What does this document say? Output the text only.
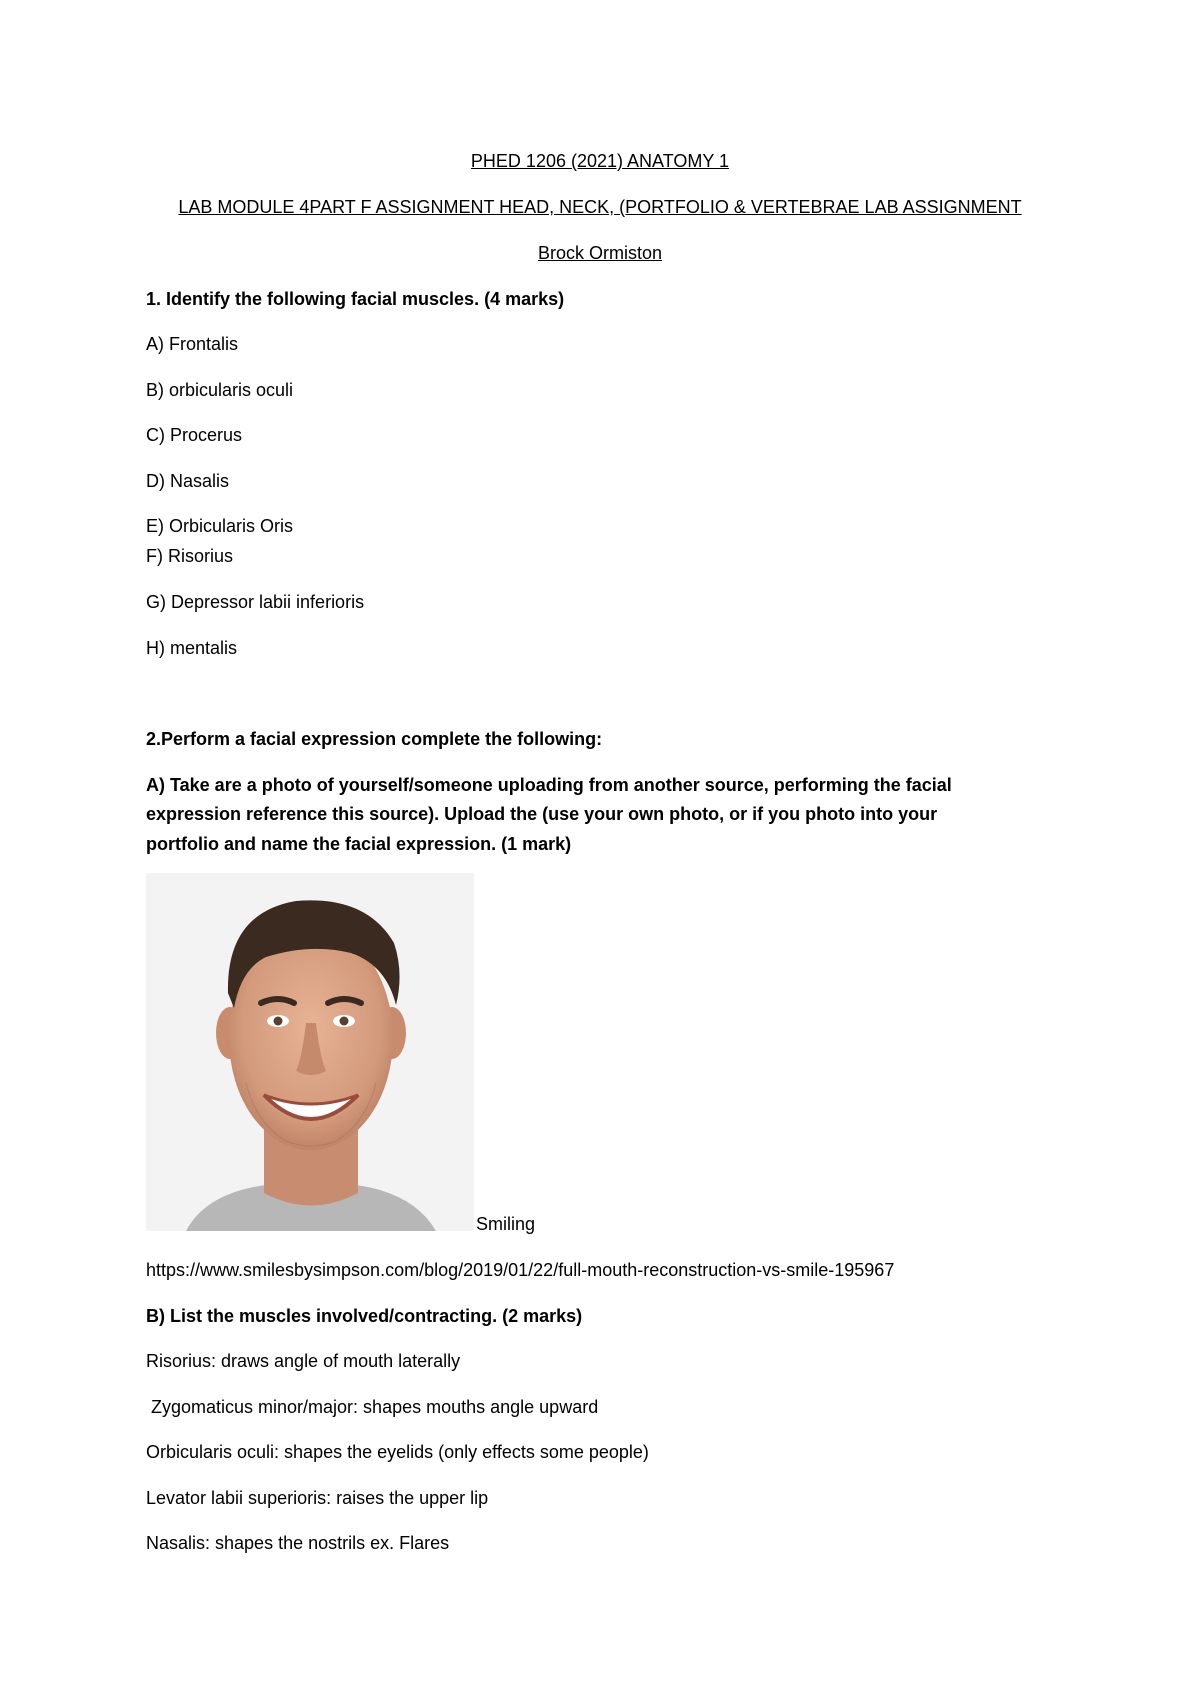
PHED 1206 (2021) ANATOMY 1
LAB MODULE 4PART F ASSIGNMENT HEAD, NECK, (PORTFOLIO & VERTEBRAE LAB ASSIGNMENT
Brock Ormiston
1. Identify the following facial muscles. (4 marks)
A) Frontalis
B) orbicularis oculi
C) Procerus
D) Nasalis
E) Orbicularis Oris
F) Risorius
G) Depressor labii inferioris
H) mentalis
2.Perform a facial expression complete the following:
A) Take are a photo of yourself/someone uploading from another source, performing the facial
expression reference this source). Upload the (use your own photo, or if you photo into your
portfolio and name the facial expression. (1 mark)
Smiling
https://www.smilesbysimpson.com/blog/2019/01/22/full-mouth-reconstruction-vs-smile-195967
B) List the muscles involved/contracting. (2 marks)
Risorius: draws angle of mouth laterally
Zygomaticus minor/major: shapes mouths angle upward
Orbicularis oculi: shapes the eyelids (only effects some people)
Levator labii superioris: raises the upper lip
Nasalis: shapes the nostrils ex. Flares
